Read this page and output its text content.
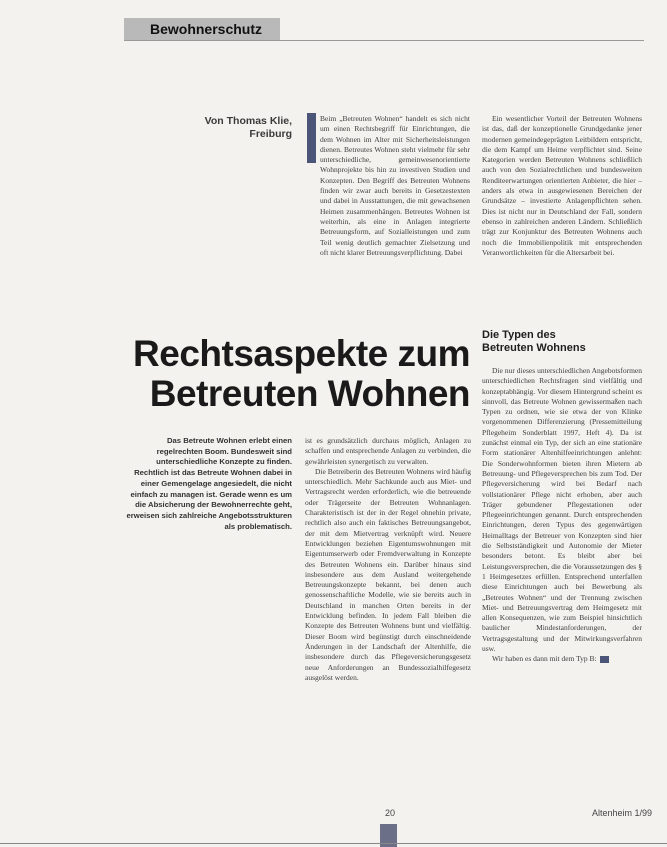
Bewohnerschutz
Von Thomas Klie,
Freiburg

Beim „Betreuten Wohnen“ handelt es sich nicht um einen Rechtsbegriff für Einrichtungen, die dem Wohnen im Alter mit Sicherheitsleistungen dienen. Betreutes Wohnen steht vielmehr für sehr unterschiedliche, gemeinwesenorientierte Wohnprojekte bis hin zu investiven Studien und Konzepten. Den Begriff des Betreuten Wohnens finden wir zwar auch bereits in Gesetzestexten und dabei in Ausstattungen, die mit gewachsenen Heimen zusammenhängen. Betreutes Wohnen ist weiterhin, als eine in Anlagen integrierte Betreuungsform, auf Sozialleistungen und zum Teil wenig deutlich gemachter Zielsetzung und oft nicht klarer Betreuungsverpflichtung. Dabei

Ein wesentlicher Vorteil der Betreuten Wohnens ist das, daß der konzeptionelle Grundgedanke jener modernen gemeindegeprägten Leitbildern entspricht, die dem Kampf um Heime verpflichtet sind. Seine Kategorien werden Betreuten Wohnens schließlich auch von den Sozialrechtlichen und bundesweiten Renditeerwartungen orientierten Anbieter, die hier – anders als etwa in ausgewiesenen Bereichen der Grundsätze – investierte Anlagenpflichten sehen. Dies ist nicht nur in Deutschland der Fall, sondern ebenso in zahlreichen anderen Ländern. Schließlich trägt zur Konjunktur des Betreuten Wohnens auch noch die Immobilienpolitik mit entsprechenden Veranwortlichkeiten für die Altersarbeit bei.

Rechtsaspekte zum
Betreuten Wohnen
Das Betreute Wohnen erlebt einen regelrechten Boom. Bundesweit sind unterschiedliche Konzepte zu finden. Rechtlich ist das Betreute Wohnen dabei in einer Gemengelage angesiedelt, die nicht einfach zu managen ist. Gerade wenn es um die Absicherung der Bewohnerrechte geht, erweisen sich zahlreiche Angebotsstrukturen als problematisch.

ist es grundsätzlich durchaus möglich, Anlagen zu schaffen und entsprechende Anlagen zu verbinden, die gewährleisten synergetisch zu verwalten.

Die Betreiberin des Betreuten Wohnens wird häufig unterschiedlich. Mehr Sachkunde auch aus Miet- und Vertragsrecht werden erforderlich, wie die betreuende oder Trägerseite der Betreuten Wohnanlagen. Charakteristisch ist der in der Regel ohnehin private, rechtlich also auch ein faktisches Betreuungsangebot, der mit dem Mietvertrag verknüpft wird. Neuere Entwicklungen beziehen Eigentumswohnungen mit Eigentumserwerb oder Fremdverwaltung in Konzepte des Betreuten Wohnens ein. Darüber hinaus sind insbesondere aus dem Ausland weitergehende Betreuungskonzepte bekannt, bei denen auch genossenschaftliche Modelle, wie sie bereits auch in Deutschland in manchen Orten bereits in der Entwicklung befinden. In jedem Fall bleiben die Konzepte des Betreuten Wohnens bunt und vielfältig. Dieser Boom wird begünstigt durch einschneidende Änderungen in der Landschaft der Altenhilfe, die insbesondere durch das Pflegeversicherungsgesetz neue Anforderungen an Bundessozialhilfegesetz ausgelöst werden.

Die Typen des
Betreuten Wohnens

Die nur dieses unterschiedlichen Angebotsformen unterschiedlichen Rechtsfragen sind vielfältig und konzeptabhängig. Vor diesem Hintergrund scheint es sinnvoll, das Betreute Wohnen gewissermaßen nach Typen zu ordnen, wie sie etwa der von Klinke vorgenommenen Differenzierung (Pressemitteilung Pflegeheim Sonderblatt 1997, Heft 4). Da ist zunächst einmal ein Typ, der sich an eine stationäre Form stationärer Altenhilfeeinrichtungen anlehnt: Die Sonderwohnformen bieten ihren Mietern ab Betreuung- und Pflegeversprechen bis zum Tod. Der Pflegeversicherung wird bei Bedarf nach vollstationärer Pflege nicht erhoben, aber auch Träger gebundener Pflegestationen oder Pflegeeinrichtungen genannt. Durch entsprechenden Einrichtungen, deren Typus des gegenwärtigen Heimalltags der Betreuer von Konzepten sind hier die Selbstständigkeit und Autonomie der Mieter besonders betont. Es bleibt aber bei Leistungsversprechen, die die Voraussetzungen des § 1 Heimgesetzes erfüllen. Entsprechend unterfallen diese Einrichtungen auch bei Bewerbung als „Betreutes Wohnen“ und der Trennung zwischen Miet- und Betreuungsvertrag dem Heimgesetz mit allen Konsequenzen, wie zum Beispiel hinsichtlich baulicher Mindestanforderungen, der Vertragsgestaltung und der Mitwirkungsverfahren usw.

Wir haben es dann mit dem Typ B:

20	Altenheim 1/99
